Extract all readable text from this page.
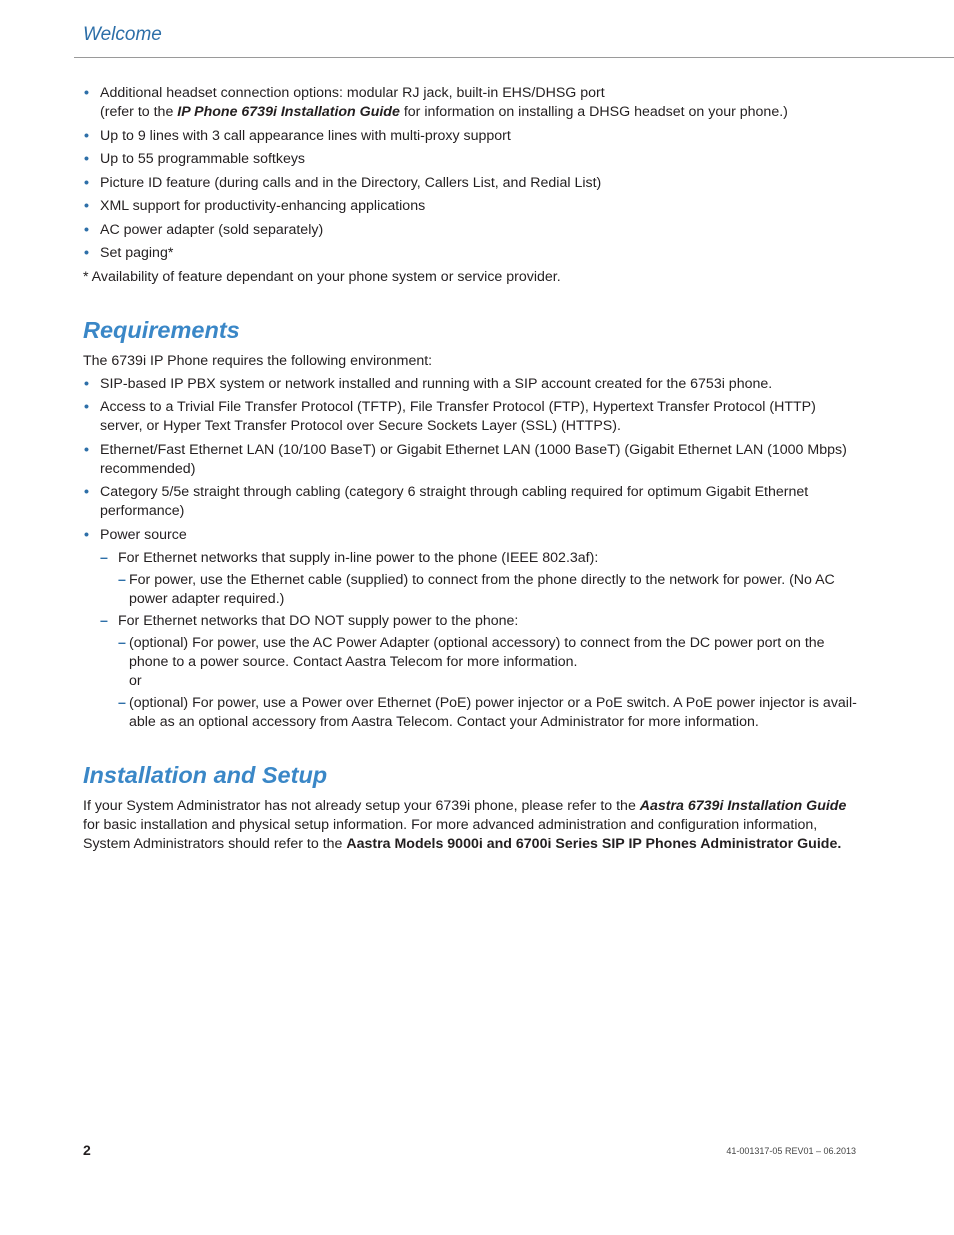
Welcome
• Additional headset connection options: modular RJ jack, built-in EHS/DHSG port
(refer to the IP Phone 6739i Installation Guide for information on installing a DHSG headset on your phone.)
• Up to 9 lines with 3 call appearance lines with multi-proxy support
• Up to 55 programmable softkeys
• Picture ID feature (during calls and in the Directory, Callers List, and Redial List)
• XML support for productivity-enhancing applications
• AC power adapter (sold separately)
• Set paging*
* Availability of feature dependant on your phone system or service provider.
Requirements

The 6739i IP Phone requires the following environment:

• SIP-based IP PBX system or network installed and running with a SIP account created for the 6753i phone.
• Access to a Trivial File Transfer Protocol (TFTP), File Transfer Protocol (FTP), Hypertext Transfer Protocol (HTTP) server, or Hyper Text Transfer Protocol over Secure Sockets Layer (SSL) (HTTPS).
• Ethernet/Fast Ethernet LAN (10/100 BaseT) or Gigabit Ethernet LAN (1000 BaseT) (Gigabit Ethernet LAN (1000 Mbps) recommended)
• Category 5/5e straight through cabling (category 6 straight through cabling required for optimum Gigabit Ethernet performance)
• Power source
– For Ethernet networks that supply in-line power to the phone (IEEE 802.3af):
– For power, use the Ethernet cable (supplied) to connect from the phone directly to the network for power. (No AC power adapter required.)
– For Ethernet networks that DO NOT supply power to the phone:
– (optional) For power, use the AC Power Adapter (optional accessory) to connect from the DC power port on the phone to a power source. Contact Aastra Telecom for more information.
or
– (optional) For power, use a Power over Ethernet (PoE) power injector or a PoE switch. A PoE power injector is avail-able as an optional accessory from Aastra Telecom. Contact your Administrator for more information.
Installation and Setup

If your System Administrator has not already setup your 6739i phone, please refer to the Aastra 6739i Installation Guide for basic installation and physical setup information. For more advanced administration and configuration information, System Administrators should refer to the Aastra Models 9000i and 6700i Series SIP IP Phones Administrator Guide.

2	41-001317-05 REV01 – 06.2013
